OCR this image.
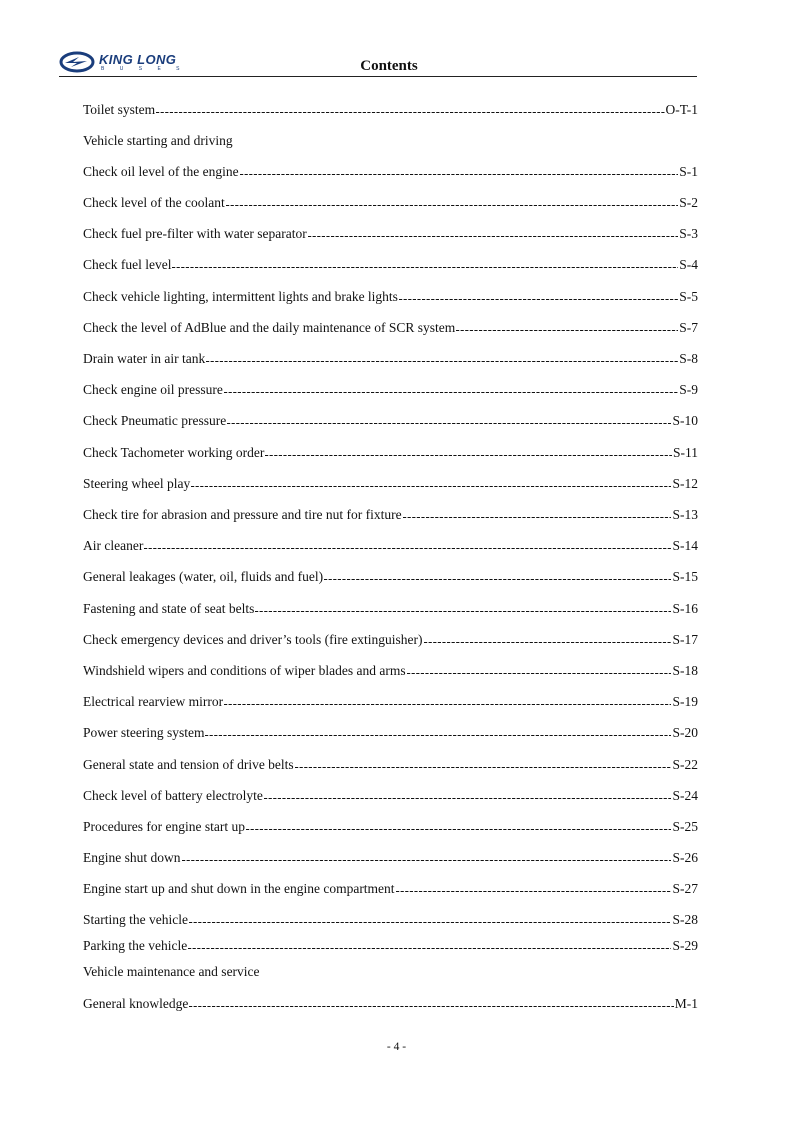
KING LONG
B U S E S	Contents
Toilet system	O-T-1
Vehicle starting and driving
Check oil level of the engine	S-1
Check level of the coolant	S-2
Check fuel pre-filter with water separator	S-3
Check fuel level	S-4
Check vehicle lighting, intermittent lights and brake lights	S-5
Check the level of AdBlue and the daily maintenance of SCR system	S-7
Drain water in air tank	S-8
Check engine oil pressure	S-9
Check Pneumatic pressure	S-10
Check Tachometer working order	S-11
Steering wheel play	S-12
Check tire for abrasion and pressure and tire nut for fixture	S-13
Air cleaner	S-14
General leakages (water, oil, fluids and fuel)	S-15
Fastening and state of seat belts	S-16
Check emergency devices and driver’s tools (fire extinguisher)	S-17
Windshield wipers and conditions of wiper blades and arms	S-18
Electrical rearview mirror	S-19
Power steering system	S-20
General state and tension of drive belts	S-22
Check level of battery electrolyte	S-24
Procedures for engine start up	S-25
Engine shut down	S-26
Engine start up and shut down in the engine compartment	S-27
Starting the vehicle	S-28
Parking the vehicle	S-29
Vehicle maintenance and service
General knowledge	M-1
- 4 -
